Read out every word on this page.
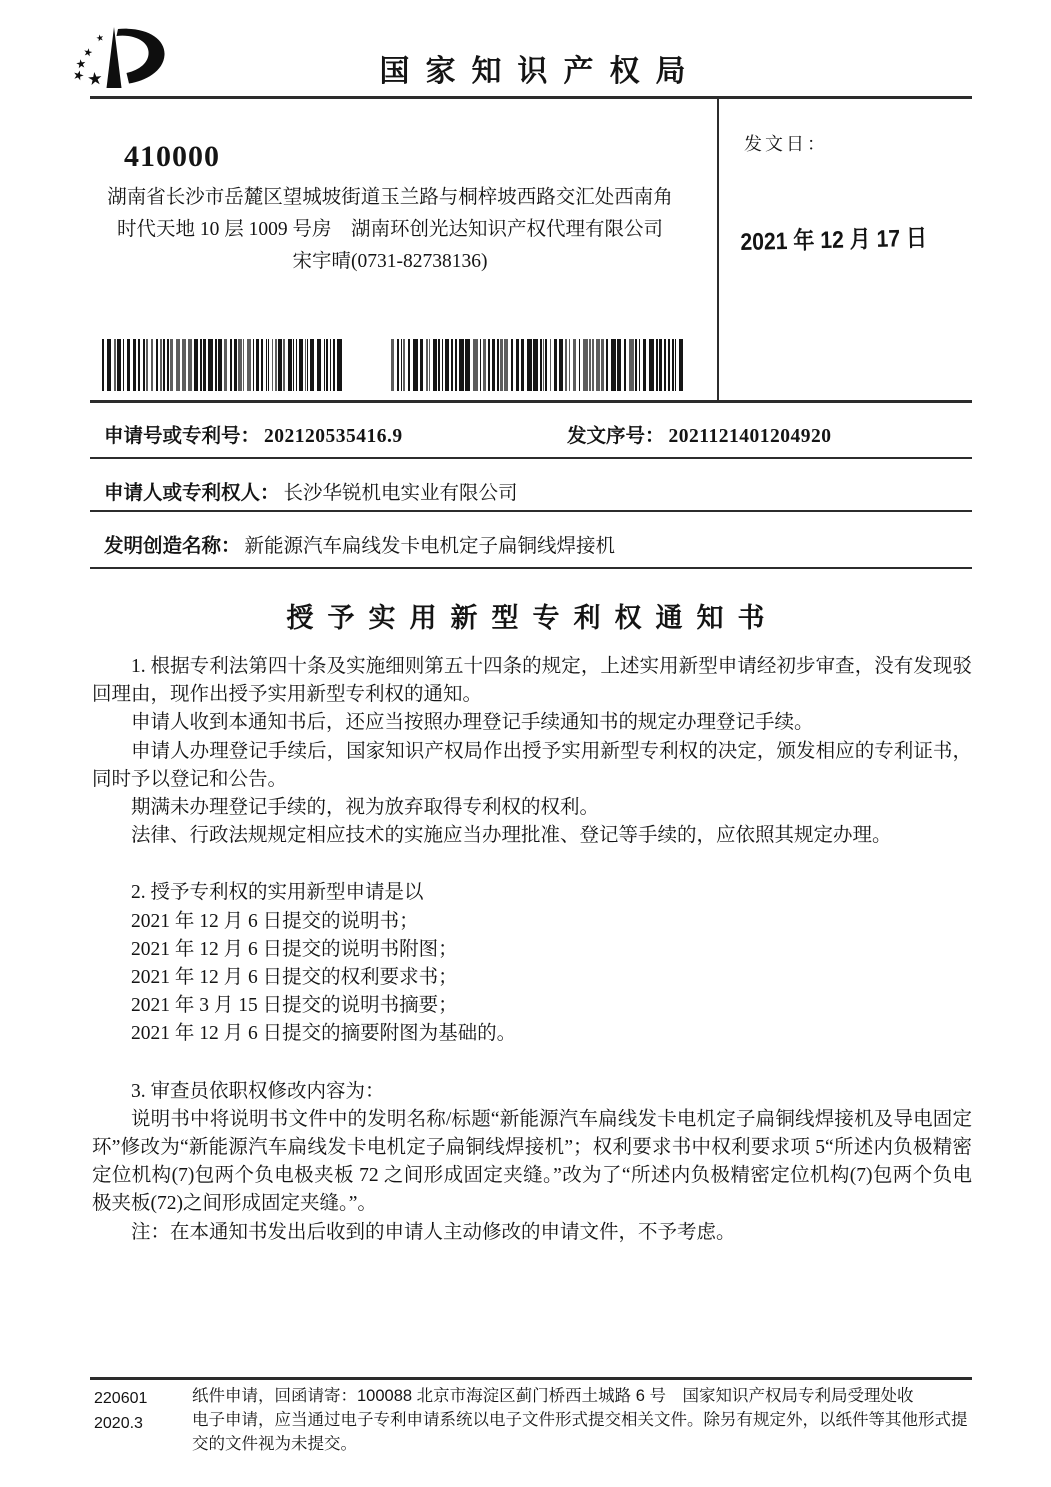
国家知识产权局
410000
湖南省长沙市岳麓区望城坡街道玉兰路与桐梓坡西路交汇处西南角
时代天地 10 层 1009 号房　湖南环创光达知识产权代理有限公司
宋宇晴(0731-82738136)
发文日：
2021 年 12 月 17 日
申请号或专利号： 202120535416.9	发文序号： 2021121401204920
申请人或专利权人： 长沙华锐机电实业有限公司
发明创造名称： 新能源汽车扁线发卡电机定子扁铜线焊接机
授予实用新型专利权通知书

1. 根据专利法第四十条及实施细则第五十四条的规定，上述实用新型申请经初步审查，没有发现驳回理由，现作出授予实用新型专利权的通知。

申请人收到本通知书后，还应当按照办理登记手续通知书的规定办理登记手续。

申请人办理登记手续后，国家知识产权局作出授予实用新型专利权的决定，颁发相应的专利证书，同时予以登记和公告。

期满未办理登记手续的，视为放弃取得专利权的权利。

法律、行政法规规定相应技术的实施应当办理批准、登记等手续的，应依照其规定办理。

2. 授予专利权的实用新型申请是以

2021 年 12 月 6 日提交的说明书；

2021 年 12 月 6 日提交的说明书附图；

2021 年 12 月 6 日提交的权利要求书；

2021 年 3 月 15 日提交的说明书摘要；

2021 年 12 月 6 日提交的摘要附图为基础的。

3. 审查员依职权修改内容为：

说明书中将说明书文件中的发明名称/标题“新能源汽车扁线发卡电机定子扁铜线焊接机及导电固定环”修改为“新能源汽车扁线发卡电机定子扁铜线焊接机”；权利要求书中权利要求项 5“所述内负极精密定位机构(7)包两个负电极夹板 72 之间形成固定夹缝。”改为了“所述内负极精密定位机构(7)包两个负电极夹板(72)之间形成固定夹缝。”。

注：在本通知书发出后收到的申请人主动修改的申请文件，不予考虑。

220601
2020.3

纸件申请，回函请寄：100088 北京市海淀区蓟门桥西土城路 6 号　国家知识产权局专利局受理处收

电子申请，应当通过电子专利申请系统以电子文件形式提交相关文件。除另有规定外，以纸件等其他形式提交的文件视为未提交。
